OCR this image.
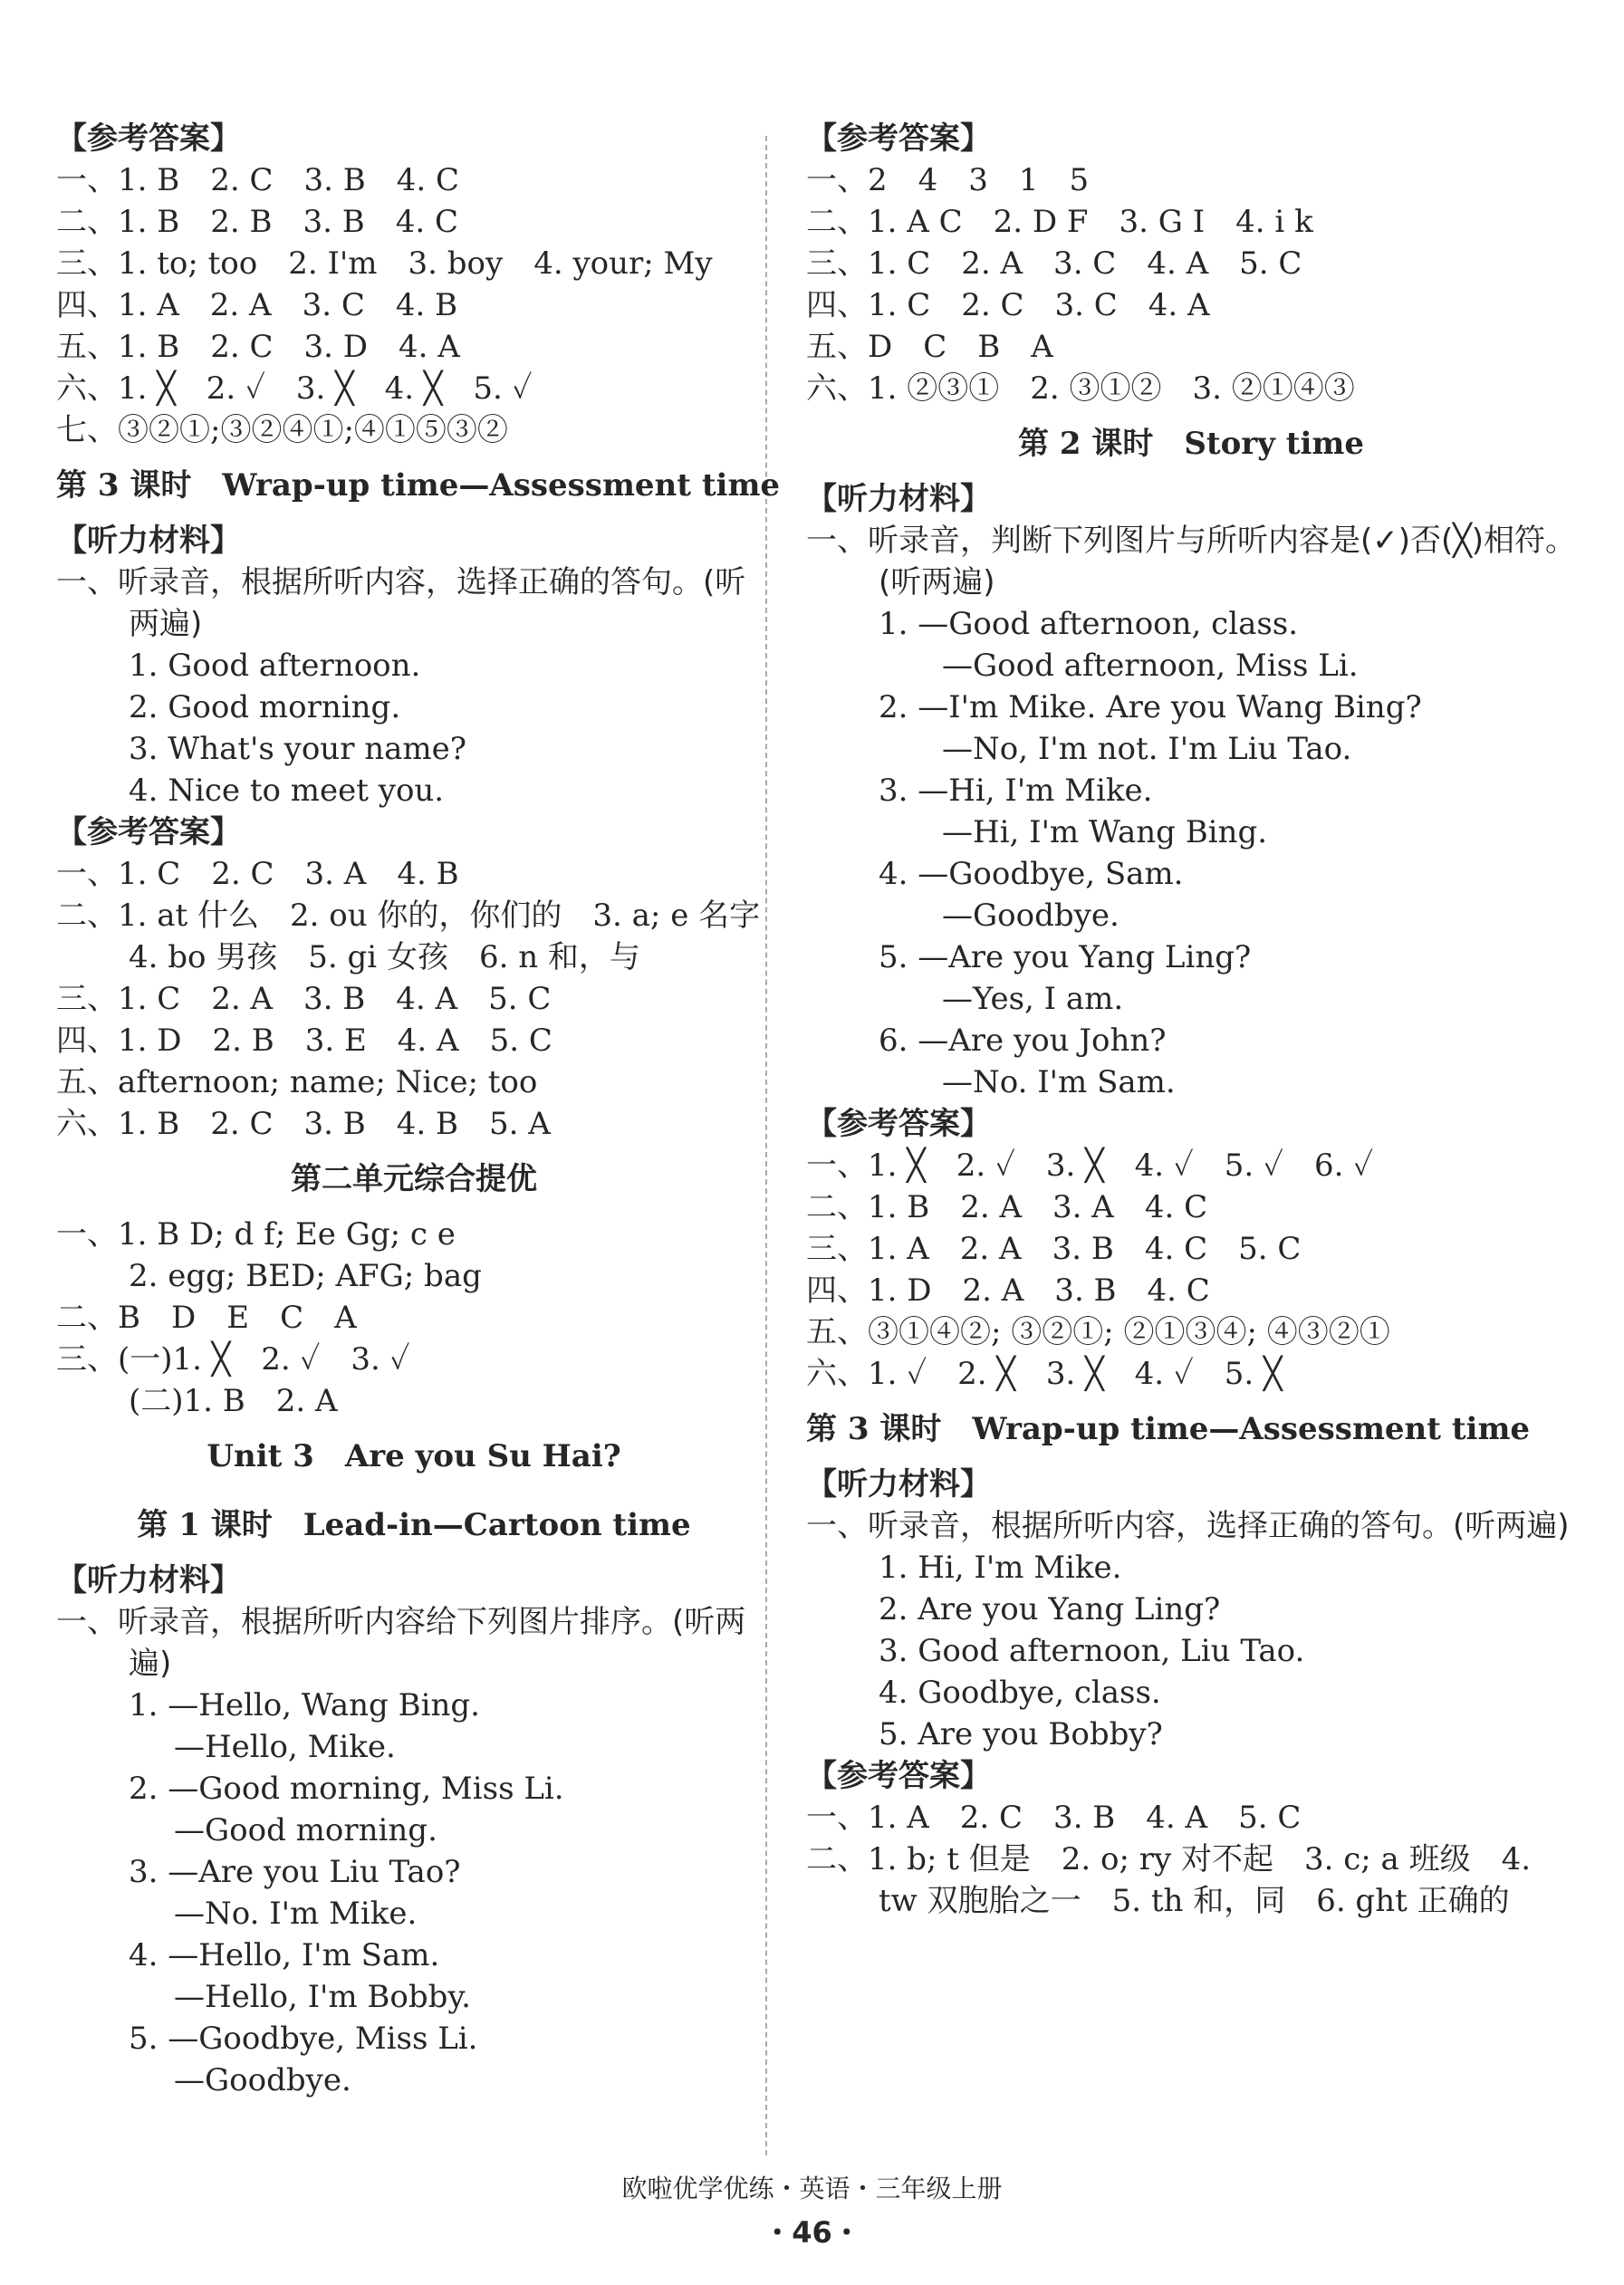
【参考答案】
一、1. B　2. C　3. B　4. C
二、1. B　2. B　3. B　4. C
三、1. to; too　2. I'm　3. boy　4. your; My
四、1. A　2. A　3. C　4. B
五、1. B　2. C　3. D　4. A
六、1. ╳　2. ✓　3. ╳　4. ╳　5. ✓
七、③②①;③②④①;④①⑤③②
第 3 课时　Wrap-up time—Assessment time
【听力材料】
一、听录音，根据所听内容，选择正确的答句。(听两遍)
1. Good afternoon.
2. Good morning.
3. What's your name?
4. Nice to meet you.
【参考答案】
一、1. C　2. C　3. A　4. B
二、1. at 什么　2. ou 你的，你们的　3. a; e 名字　4. bo 男孩　5. gi 女孩　6. n 和，与
三、1. C　2. A　3. B　4. A　5. C
四、1. D　2. B　3. E　4. A　5. C
五、afternoon; name; Nice; too
六、1. B　2. C　3. B　4. B　5. A
第二单元综合提优
一、1. B D; d f; Ee Gg; c e
2. egg; BED; AFG; bag
二、B　D　E　C　A
三、(一)1. ╳　2. ✓　3. ✓
(二)1. B　2. A
Unit 3　Are you Su Hai?
第 1 课时　Lead-in—Cartoon time
【听力材料】
一、听录音，根据所听内容给下列图片排序。(听两遍)
1. —Hello, Wang Bing.
—Hello, Mike.
2. —Good morning, Miss Li.
—Good morning.
3. —Are you Liu Tao?
—No. I'm Mike.
4. —Hello, I'm Sam.
—Hello, I'm Bobby.
5. —Goodbye, Miss Li.
—Goodbye.
【参考答案】
一、2　4　3　1　5
二、1. A C　2. D F　3. G I　4. i k
三、1. C　2. A　3. C　4. A　5. C
四、1. C　2. C　3. C　4. A
五、D　C　B　A
六、1. ②③①　2. ③①②　3. ②①④③
第 2 课时　Story time
【听力材料】
一、听录音，判断下列图片与所听内容是(✓)否(╳)相符。(听两遍)
1. —Good afternoon, class.
—Good afternoon, Miss Li.
2. —I'm Mike. Are you Wang Bing?
—No, I'm not. I'm Liu Tao.
3. —Hi, I'm Mike.
—Hi, I'm Wang Bing.
4. —Goodbye, Sam.
—Goodbye.
5. —Are you Yang Ling?
—Yes, I am.
6. —Are you John?
—No. I'm Sam.
【参考答案】
一、1. ╳　2. ✓　3. ╳　4. ✓　5. ✓　6. ✓
二、1. B　2. A　3. A　4. C
三、1. A　2. A　3. B　4. C　5. C
四、1. D　2. A　3. B　4. C
五、③①④②; ③②①; ②①③④; ④③②①
六、1. ✓　2. ╳　3. ╳　4. ✓　5. ╳
第 3 课时　Wrap-up time—Assessment time
【听力材料】
一、听录音，根据所听内容，选择正确的答句。(听两遍)
1. Hi, I'm Mike.
2. Are you Yang Ling?
3. Good afternoon, Liu Tao.
4. Goodbye, class.
5. Are you Bobby?
【参考答案】
一、1. A　2. C　3. B　4. A　5. C
二、1. b; t 但是　2. o; ry 对不起　3. c; a 班级　4. tw 双胞胎之一　5. th 和，同　6. ght 正确的
欧啦优学优练・英语・三年级上册
・46・
